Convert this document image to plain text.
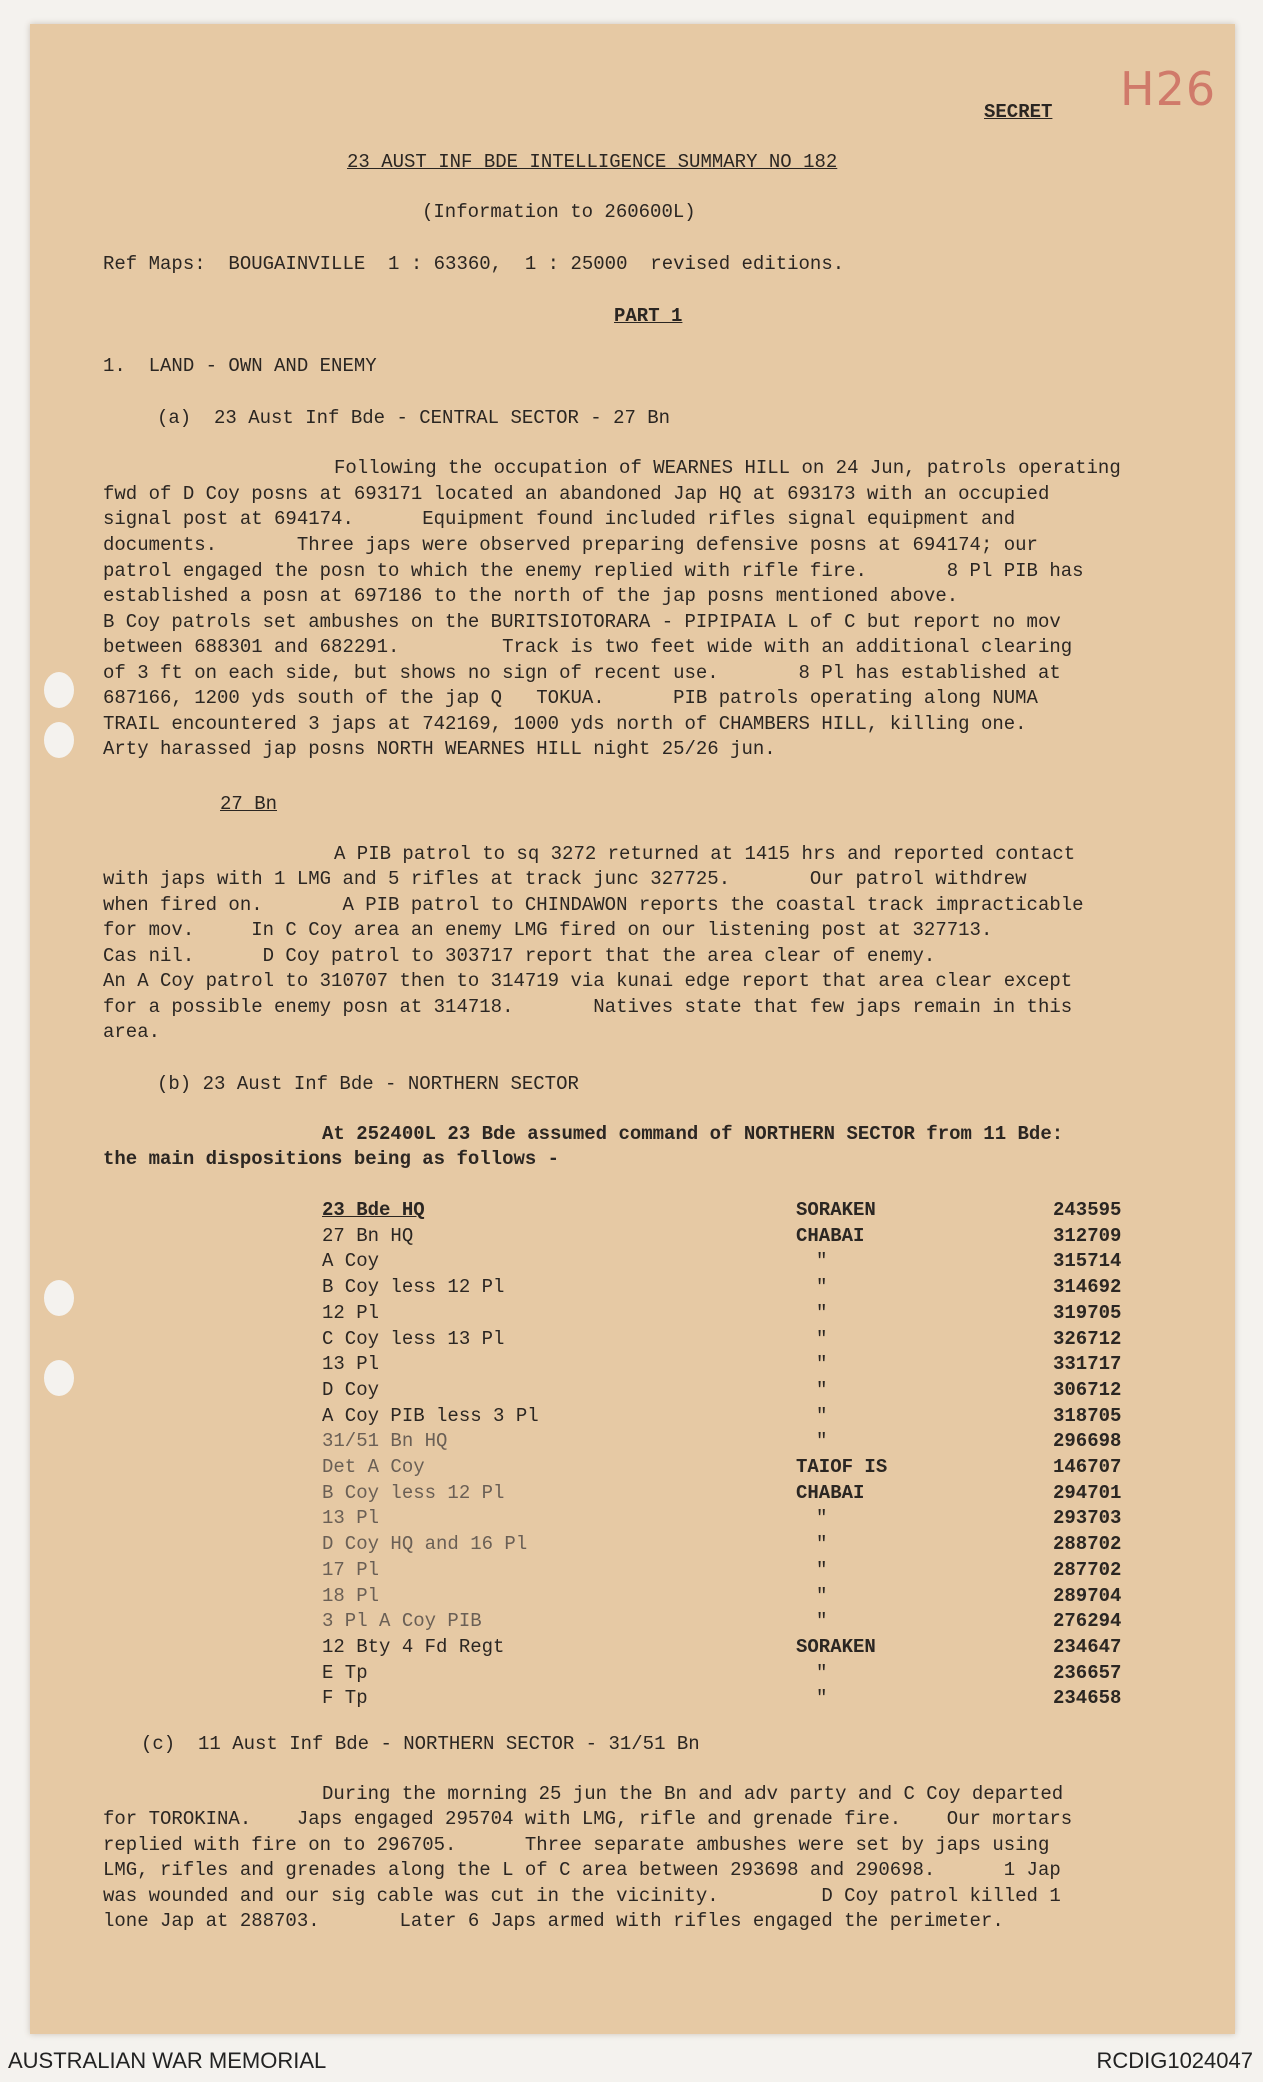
H26
SECRET
23 AUST INF BDE INTELLIGENCE SUMMARY NO 182
(Information to 260600L)
Ref Maps:  BOUGAINVILLE  1 : 63360,  1 : 25000  revised editions.
PART 1
1.  LAND - OWN AND ENEMY
(a)  23 Aust Inf Bde - CENTRAL SECTOR - 27 Bn
Following the occupation of WEARNES HILL on 24 Jun, patrols operating
fwd of D Coy posns at 693171 located an abandoned Jap HQ at 693173 with an occupied
signal post at 694174.      Equipment found included rifles signal equipment and
documents.       Three japs were observed preparing defensive posns at 694174; our
patrol engaged the posn to which the enemy replied with rifle fire.       8 Pl PIB has
established a posn at 697186 to the north of the jap posns mentioned above.
B Coy patrols set ambushes on the BURITSIOTORARA - PIPIPAIA L of C but report no mov
between 688301 and 682291.         Track is two feet wide with an additional clearing
of 3 ft on each side, but shows no sign of recent use.       8 Pl has established at
687166, 1200 yds south of the jap Q   TOKUA.      PIB patrols operating along NUMA
TRAIL encountered 3 japs at 742169, 1000 yds north of CHAMBERS HILL, killing one.
Arty harassed jap posns NORTH WEARNES HILL night 25/26 jun.
27 Bn
A PIB patrol to sq 3272 returned at 1415 hrs and reported contact
with japs with 1 LMG and 5 rifles at track junc 327725.       Our patrol withdrew
when fired on.       A PIB patrol to CHINDAWON reports the coastal track impracticable
for mov.     In C Coy area an enemy LMG fired on our listening post at 327713.
Cas nil.      D Coy patrol to 303717 report that the area clear of enemy.
An A Coy patrol to 310707 then to 314719 via kunai edge report that area clear except
for a possible enemy posn at 314718.       Natives state that few japs remain in this
area.
(b) 23 Aust Inf Bde - NORTHERN SECTOR
At 252400L 23 Bde assumed command of NORTHERN SECTOR from 11 Bde:
the main dispositions being as follows -
23 Bde HQ	SORAKEN	243595
27 Bn HQ	CHABAI	312709
A Coy	"	315714
B Coy less 12 Pl	"	314692
12 Pl	"	319705
C Coy less 13 Pl	"	326712
13 Pl	"	331717
D Coy	"	306712
A Coy PIB less 3 Pl	"	318705
31/51 Bn HQ	"	296698
Det A Coy	TAIOF IS	146707
B Coy less 12 Pl	CHABAI	294701
13 Pl	"	293703
D Coy HQ and 16 Pl	"	288702
17 Pl	"	287702
18 Pl	"	289704
3 Pl A Coy PIB	"	276294
12 Bty 4 Fd Regt	SORAKEN	234647
E Tp	"	236657
F Tp	"	234658
(c)  11 Aust Inf Bde - NORTHERN SECTOR - 31/51 Bn
During the morning 25 jun the Bn and adv party and C Coy departed
for TOROKINA.    Japs engaged 295704 with LMG, rifle and grenade fire.    Our mortars
replied with fire on to 296705.      Three separate ambushes were set by japs using
LMG, rifles and grenades along the L of C area between 293698 and 290698.      1 Jap
was wounded and our sig cable was cut in the vicinity.         D Coy patrol killed 1
lone Jap at 288703.       Later 6 Japs armed with rifles engaged the perimeter.
AUSTRALIAN WAR MEMORIAL	RCDIG1024047
